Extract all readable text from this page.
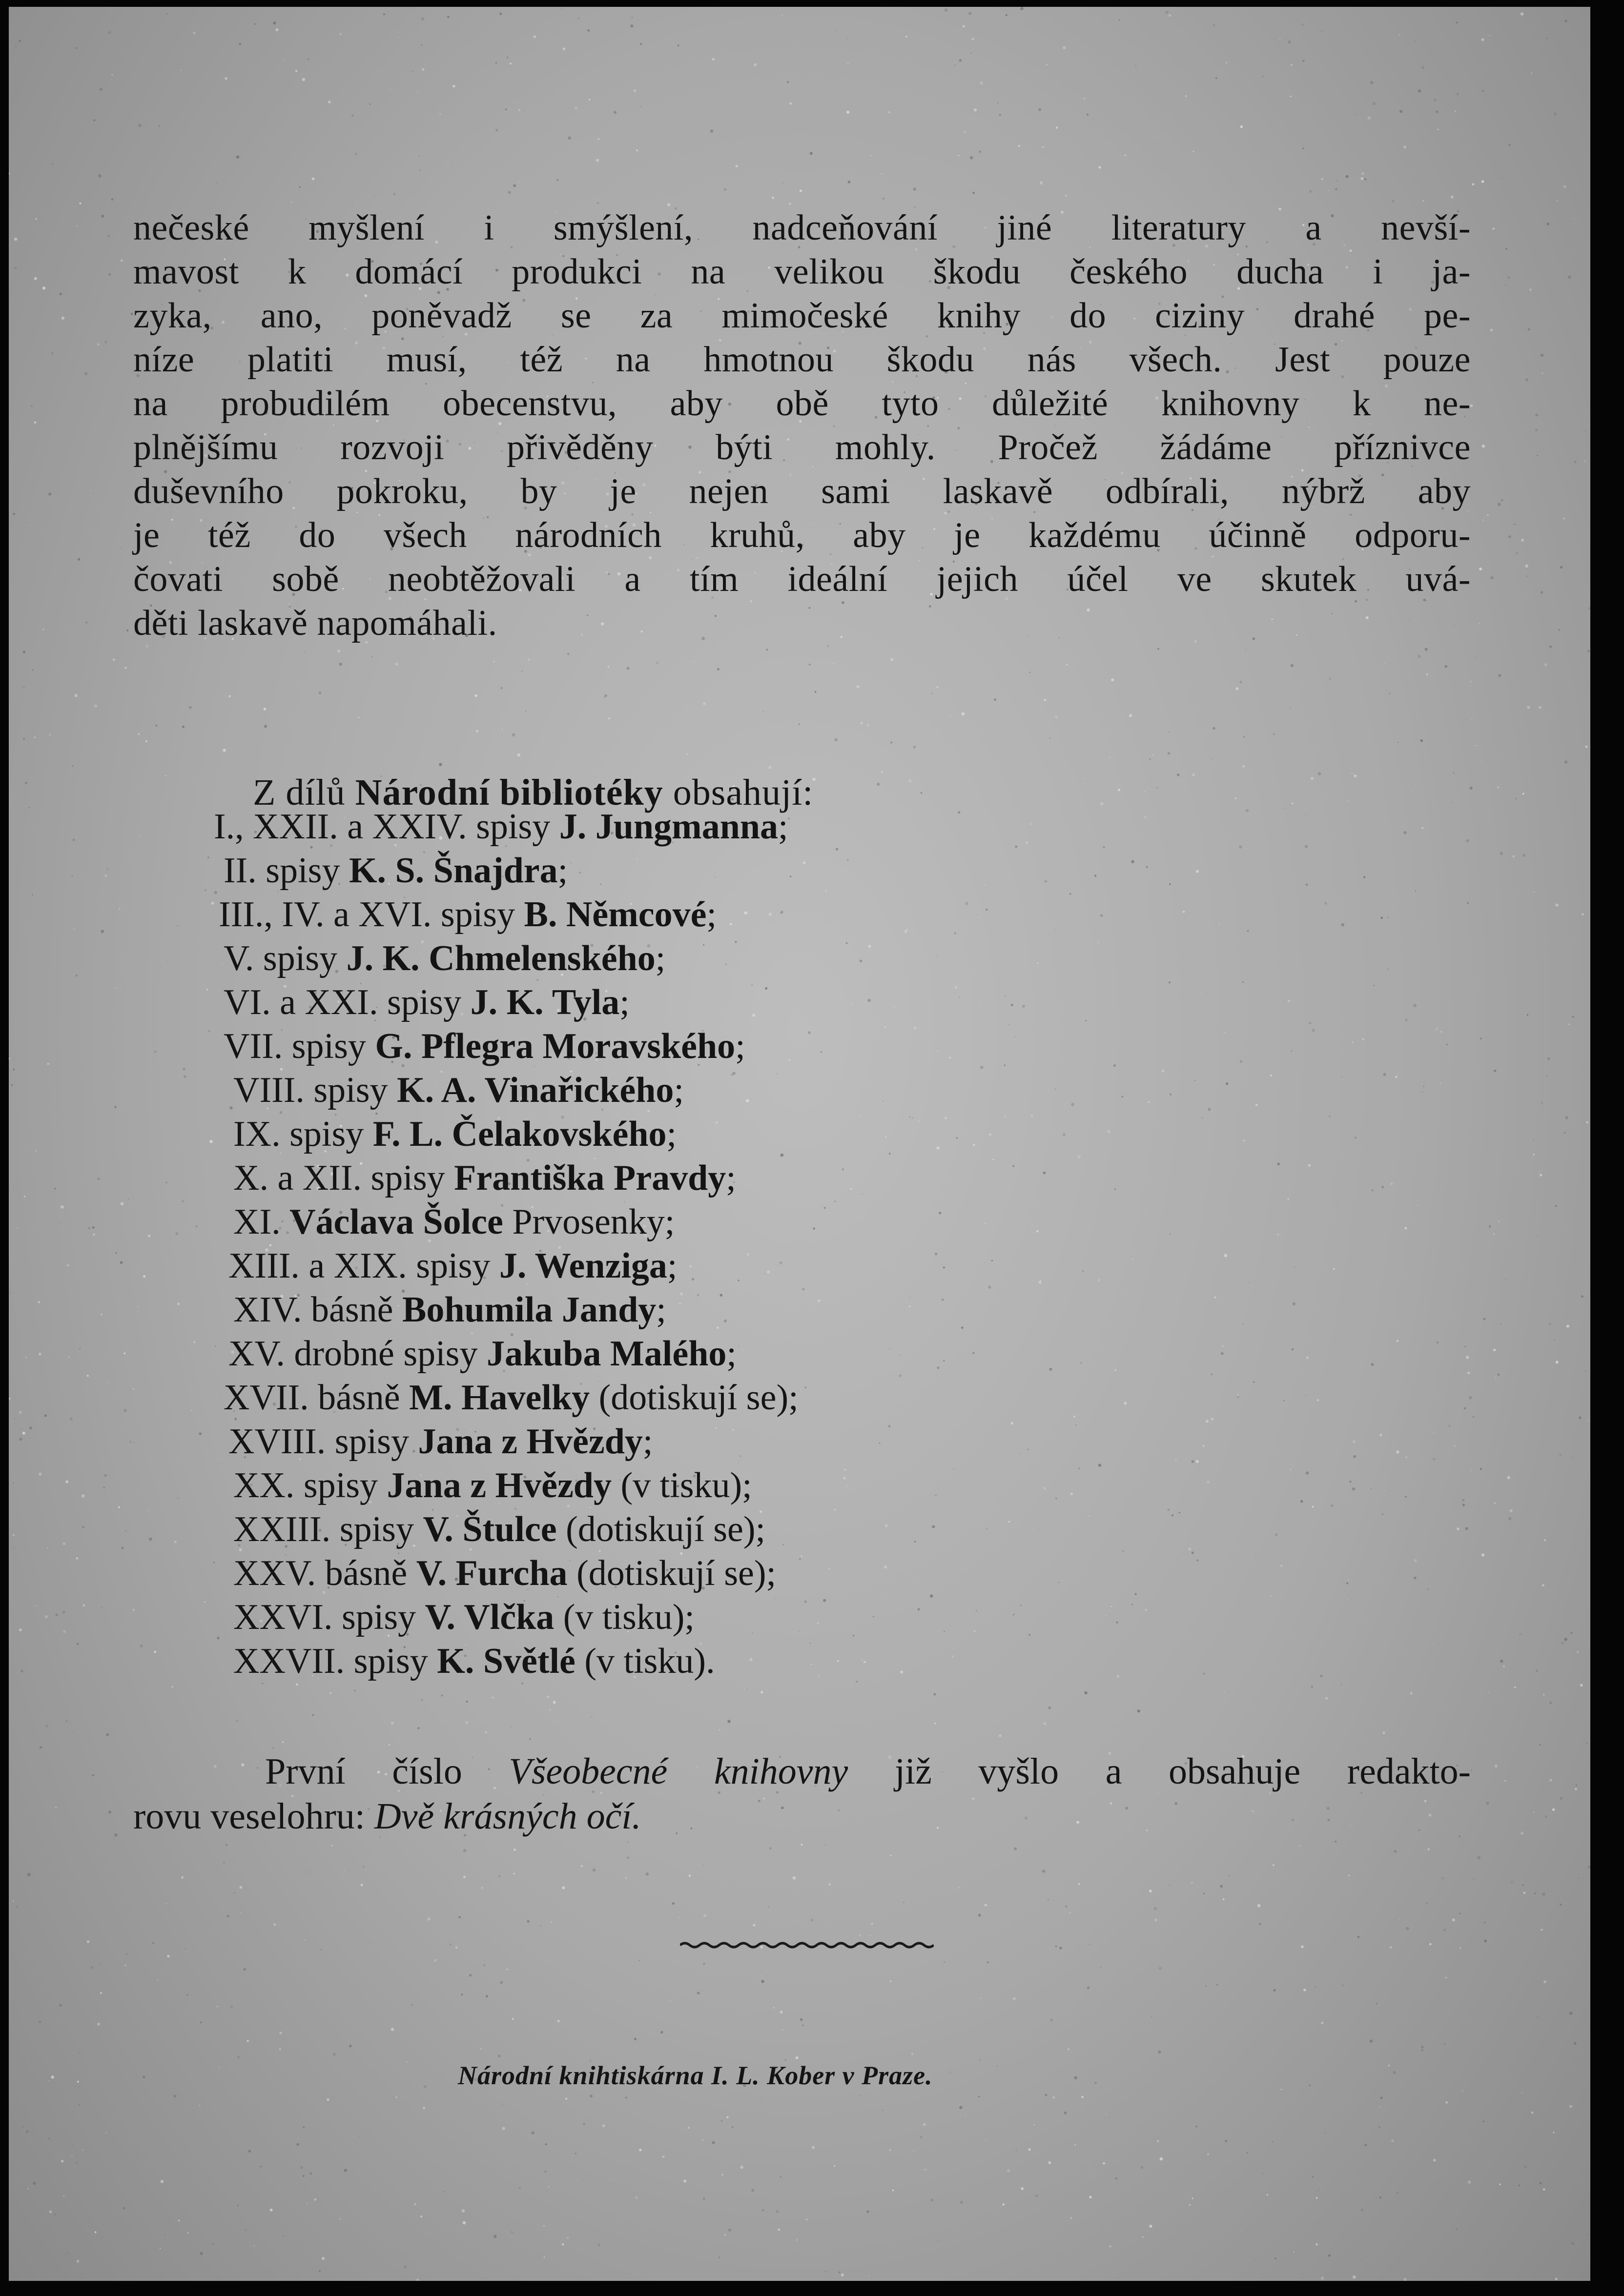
nečeské myšlení i smýšlení, nadceňování jiné literatury a nevší-
mavost k domácí produkci na velikou škodu českého ducha i ja-
zyka, ano, poněvadž se za mimočeské knihy do ciziny drahé pe-
níze platiti musí, též na hmotnou škodu nás všech. Jest pouze
na probudilém obecenstvu, aby obě tyto důležité knihovny k ne-
plnějšímu rozvoji přivěděny býti mohly. Pročež žádáme příznivce
duševního pokroku, by je nejen sami laskavě odbírali, nýbrž aby
je též do všech národních kruhů, aby je každému účinně odporu-
čovati sobě neobtěžovali a tím ideální jejich účel ve skutek uvá-
děti laskavě napomáhali.

Z dílů Národní bibliotéky obsahují:

I., XXII. a XXIV. spisy J. Jungmanna;
II. spisy K. S. Šnajdra;
III., IV. a XVI. spisy B. Němcové;
V. spisy J. K. Chmelenského;
VI. a XXI. spisy J. K. Tyla;
VII. spisy G. Pflegra Moravského;
VIII. spisy K. A. Vinařického;
IX. spisy F. L. Čelakovského;
X. a XII. spisy Františka Pravdy;
XI. Václava Šolce Prvosenky;
XIII. a XIX. spisy J. Wenziga;
XIV. básně Bohumila Jandy;
XV. drobné spisy Jakuba Malého;
XVII. básně M. Havelky (dotiskují se);
XVIII. spisy Jana z Hvězdy;
XX. spisy Jana z Hvězdy (v tisku);
XXIII. spisy V. Štulce (dotiskují se);
XXV. básně V. Furcha (dotiskují se);
XXVI. spisy V. Vlčka (v tisku);
XXVII. spisy K. Světlé (v tisku).
První číslo Všeobecné knihovny již vyšlo a obsahuje redakto-
rovu veselohru: Dvě krásných očí.
Národní knihtiskárna I. L. Kober v Praze.
